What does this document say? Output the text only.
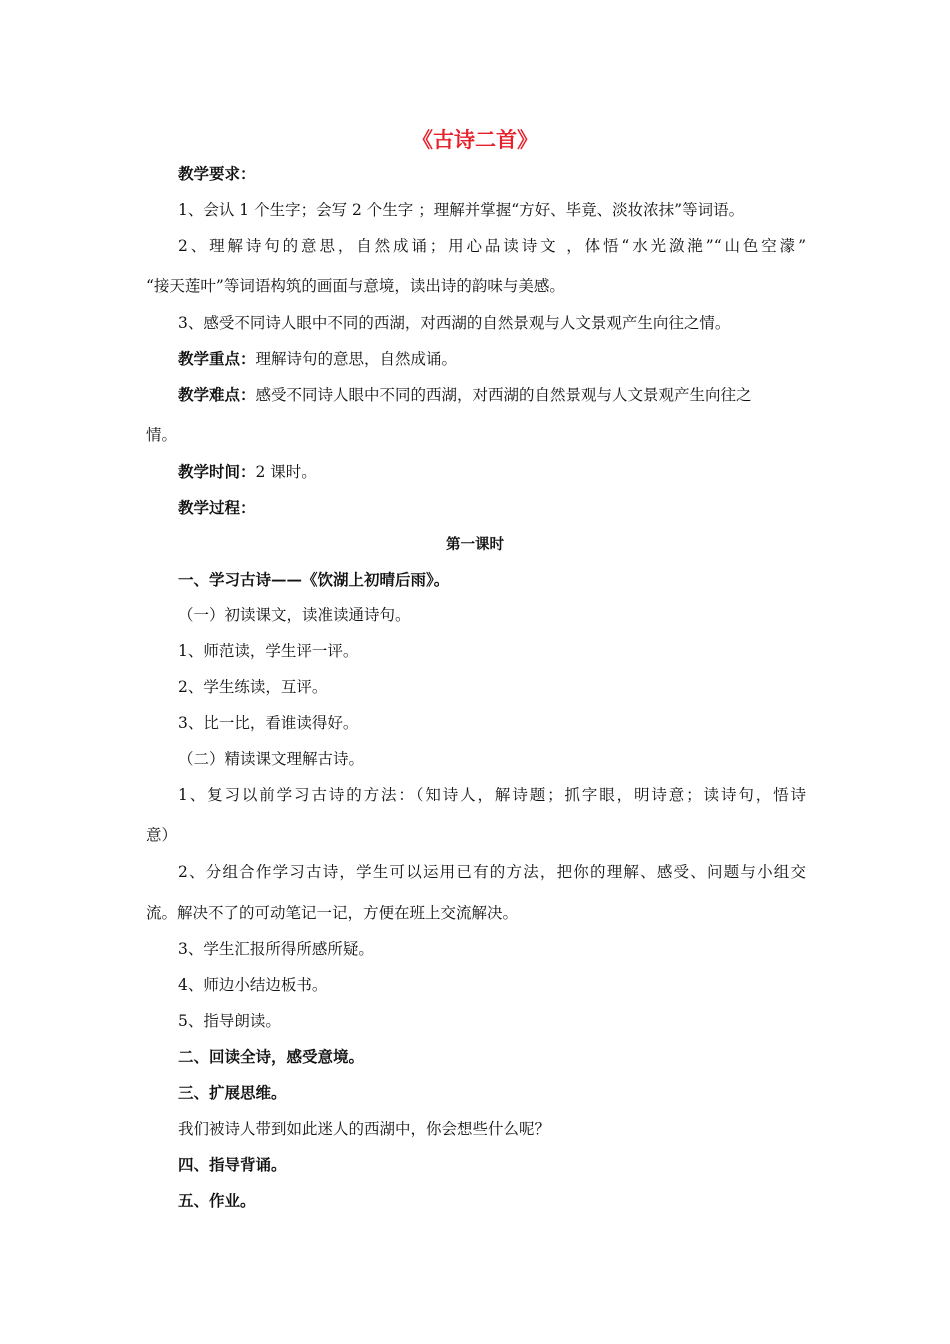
《古诗二首》
教学要求：
1、会认 1 个生字；会写 2 个生字 ；理解并掌握“方好、毕竟、淡妆浓抹”等词语。
2、理解诗句的意思，自然成诵；用心品读诗文 ，体悟“水光潋滟”“山色空濛”
“接天莲叶”等词语构筑的画面与意境，读出诗的韵味与美感。
3、感受不同诗人眼中不同的西湖，对西湖的自然景观与人文景观产生向往之情。
教学重点：理解诗句的意思，自然成诵。
教学难点：感受不同诗人眼中不同的西湖，对西湖的自然景观与人文景观产生向往之
情。
教学时间：2 课时。
教学过程：
第一课时
一、学习古诗——《饮湖上初晴后雨》。
（一）初读课文，读准读通诗句。
1、师范读，学生评一评。
2、学生练读，互评。
3、比一比，看谁读得好。
（二）精读课文理解古诗。
1、复习以前学习古诗的方法：（知诗人，解诗题；抓字眼，明诗意；读诗句，悟诗
意）
2、分组合作学习古诗，学生可以运用已有的方法，把你的理解、感受、问题与小组交
流。解决不了的可动笔记一记，方便在班上交流解决。
3、学生汇报所得所感所疑。
4、师边小结边板书。
5、指导朗读。
二、回读全诗，感受意境。
三、扩展思维。
我们被诗人带到如此迷人的西湖中，你会想些什么呢？
四、指导背诵。
五、作业。
